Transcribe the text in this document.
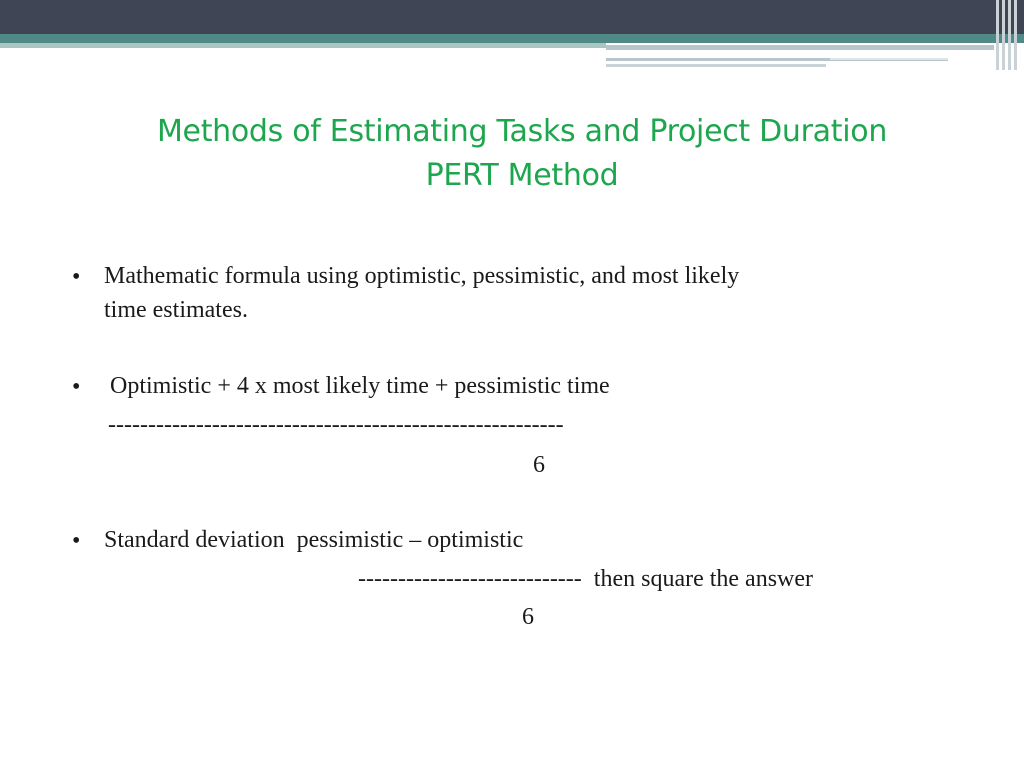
Methods of Estimating Tasks and Project Duration
PERT Method
• Mathematic formula using optimistic, pessimistic, and most likely
time estimates.
• Optimistic + 4 x most likely time + pessimistic time
---------------------------------------------------------
6
• Standard deviation  pessimistic – optimistic
----------------------------  then square the answer
6
